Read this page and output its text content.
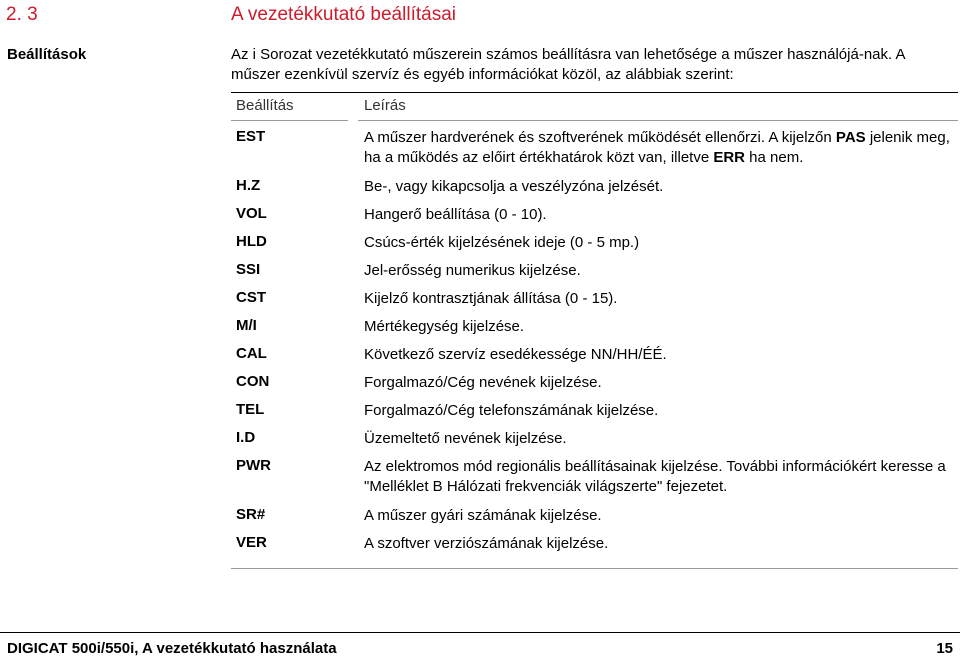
2. 3	A vezetékkutató beállításai
Beállítások	Az i Sorozat vezetékkutató műszerein számos beállításra van lehetősége a műszer használójá-nak. A műszer ezenkívül szervíz és egyéb információkat közöl, az alábbiak szerint:
Beállítás	Leírás
EST	A műszer hardverének és szoftverének működését ellenőrzi. A kijelzőn PAS jelenik meg, ha a működés az előirt értékhatárok közt van, illetve ERR ha nem.
H.Z	Be-, vagy kikapcsolja a veszélyzóna jelzését.
VOL	Hangerő beállítása (0 - 10).
HLD	Csúcs-érték kijelzésének ideje (0 - 5 mp.)
SSI	Jel-erősség numerikus kijelzése.
CST	Kijelző kontrasztjának állítása (0 - 15).
M/I	Mértékegység kijelzése.
CAL	Következő szervíz esedékessége NN/HH/ÉÉ.
CON	Forgalmazó/Cég nevének kijelzése.
TEL	Forgalmazó/Cég telefonszámának kijelzése.
I.D	Üzemeltető nevének kijelzése.
PWR	Az elektromos mód regionális beállításainak kijelzése. További információkért keresse a "Melléklet B Hálózati frekvenciák világszerte" fejezetet.
SR#	A műszer gyári számának kijelzése.
VER	A szoftver verziószámának kijelzése.
DIGICAT 500i/550i, A vezetékkutató használata	15
